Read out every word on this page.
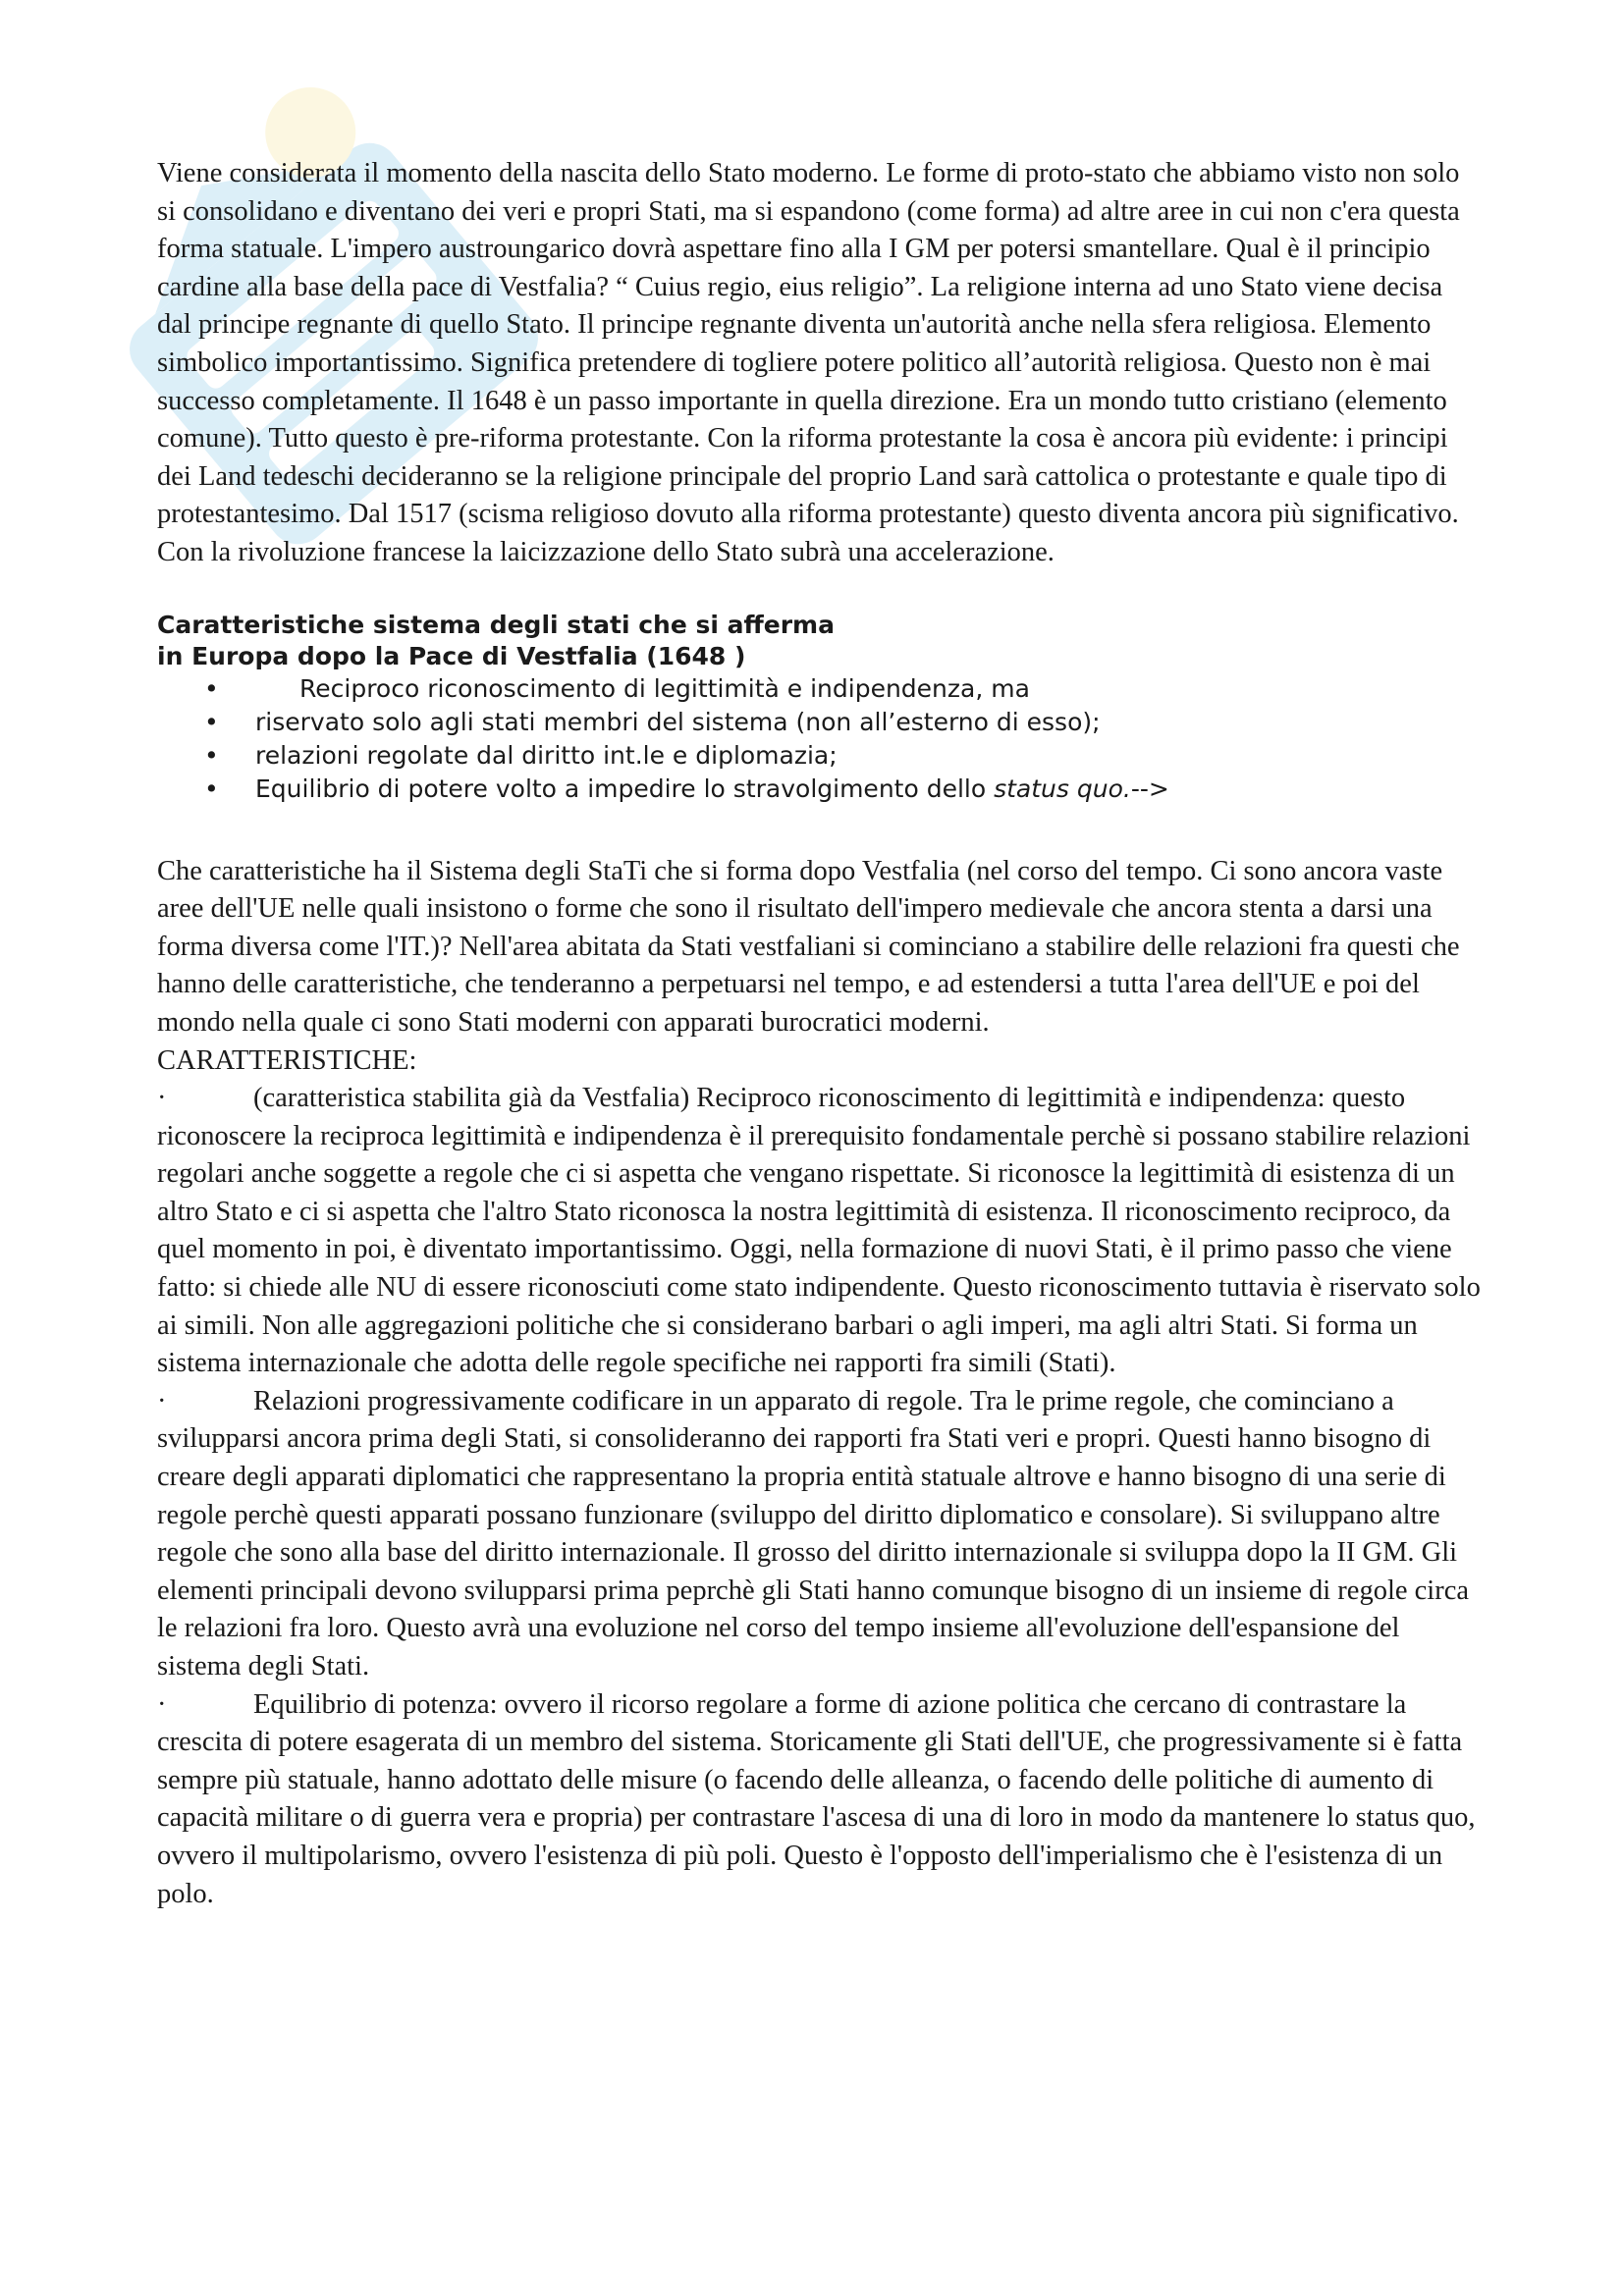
Viene considerata il momento della nascita dello Stato moderno. Le forme di proto-stato che abbiamo visto non solo si consolidano e diventano dei veri e propri Stati, ma si espandono (come forma) ad altre aree in cui non c'era questa forma statuale. L'impero austroungarico dovrà aspettare fino alla I GM per potersi smantellare. Qual è il principio cardine alla base della pace di Vestfalia? “ Cuius regio, eius religio”. La religione interna ad uno Stato viene decisa dal principe regnante di quello Stato. Il principe regnante diventa un'autorità anche nella sfera religiosa. Elemento simbolico importantissimo. Significa pretendere di togliere potere politico all’autorità religiosa. Questo non è mai successo completamente. Il 1648 è un passo importante in quella direzione. Era un mondo tutto cristiano (elemento comune). Tutto questo è pre-riforma protestante. Con la riforma protestante la cosa è ancora più evidente: i principi dei Land tedeschi decideranno se la religione principale del proprio Land sarà cattolica o protestante e quale tipo di protestantesimo. Dal 1517 (scisma religioso dovuto alla riforma protestante) questo diventa ancora più significativo. Con la rivoluzione francese la laicizzazione dello Stato subrà una accelerazione.

Caratteristiche sistema degli stati che si afferma

in Europa dopo la Pace di Vestfalia (1648 )

•	Reciproco riconoscimento di legittimità e indipendenza, ma
• riservato solo agli stati membri del sistema (non all’esterno di esso);
• relazioni regolate dal diritto int.le e diplomazia;
• Equilibrio di potere volto a impedire lo stravolgimento dello status quo.-->

Che caratteristiche ha il Sistema degli StaTi che si forma dopo Vestfalia (nel corso del tempo. Ci sono ancora vaste aree dell'UE nelle quali insistono o forme che sono il risultato dell'impero medievale che ancora stenta a darsi una forma diversa come l'IT.)? Nell'area abitata da Stati vestfaliani si cominciano a stabilire delle relazioni fra questi che hanno delle caratteristiche, che tenderanno a perpetuarsi nel tempo, e ad estendersi a tutta l'area dell'UE e poi del mondo nella quale ci sono Stati moderni con apparati burocratici moderni.

CARATTERISTICHE:

·	(caratteristica stabilita già da Vestfalia) Reciproco riconoscimento di legittimità e indipendenza: questo riconoscere la reciproca legittimità e indipendenza è il prerequisito fondamentale perchè si possano stabilire relazioni regolari anche soggette a regole che ci si aspetta che vengano rispettate. Si riconosce la legittimità di esistenza di un altro Stato e ci si aspetta che l'altro Stato riconosca la nostra legittimità di esistenza. Il riconoscimento reciproco, da quel momento in poi, è diventato importantissimo. Oggi, nella formazione di nuovi Stati, è il primo passo che viene fatto: si chiede alle NU di essere riconosciuti come stato indipendente. Questo riconoscimento tuttavia è riservato solo ai simili. Non alle aggregazioni politiche che si considerano barbari o agli imperi, ma agli altri Stati. Si forma un sistema internazionale che adotta delle regole specifiche nei rapporti fra simili (Stati).

·	Relazioni progressivamente codificare in un apparato di regole. Tra le prime regole, che cominciano a svilupparsi ancora prima degli Stati, si consolideranno dei rapporti fra Stati veri e propri. Questi hanno bisogno di creare degli apparati diplomatici che rappresentano la propria entità statuale altrove e hanno bisogno di una serie di regole perchè questi apparati possano funzionare (sviluppo del diritto diplomatico e consolare). Si sviluppano altre regole che sono alla base del diritto internazionale. Il grosso del diritto internazionale si sviluppa dopo la II GM. Gli elementi principali devono svilupparsi prima peprchè gli Stati hanno comunque bisogno di un insieme di regole circa le relazioni fra loro. Questo avrà una evoluzione nel corso del tempo insieme all'evoluzione dell'espansione del sistema degli Stati.

·	Equilibrio di potenza: ovvero il ricorso regolare a forme di azione politica che cercano di contrastare la crescita di potere esagerata di un membro del sistema. Storicamente gli Stati dell'UE, che progressivamente si è fatta sempre più statuale, hanno adottato delle misure (o facendo delle alleanza, o facendo delle politiche di aumento di capacità militare o di guerra vera e propria) per contrastare l'ascesa di una di loro in modo da mantenere lo status quo, ovvero il multipolarismo, ovvero l'esistenza di più poli. Questo è l'opposto dell'imperialismo che è l'esistenza di un polo.
